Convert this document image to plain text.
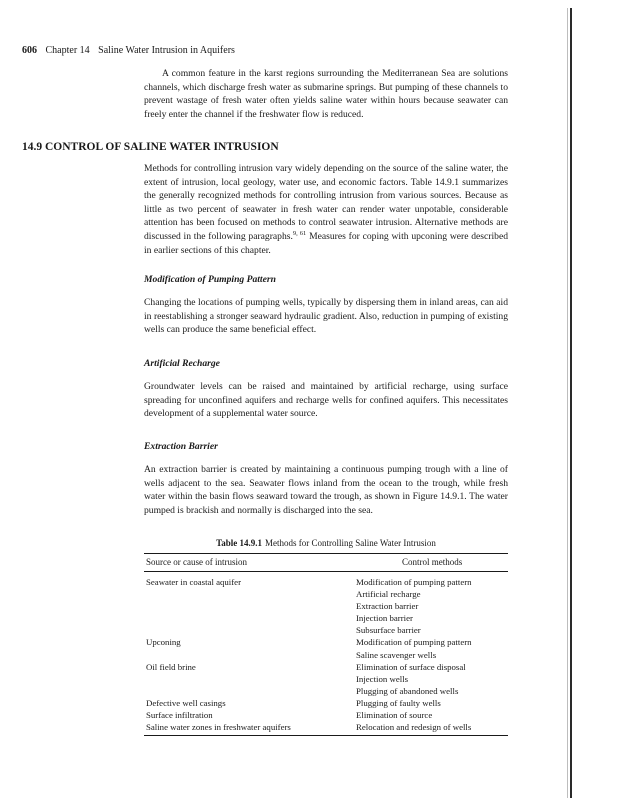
606 Chapter 14 Saline Water Intrusion in Aquifers

A common feature in the karst regions surrounding the Mediterranean Sea are solutions channels, which discharge fresh water as submarine springs. But pumping of these channels to prevent wastage of fresh water often yields saline water within hours because seawater can freely enter the channel if the freshwater flow is reduced.

14.9 CONTROL OF SALINE WATER INTRUSION

Methods for controlling intrusion vary widely depending on the source of the saline water, the extent of intrusion, local geology, water use, and economic factors. Table 14.9.1 summarizes the generally recognized methods for controlling intrusion from various sources. Because as little as two percent of seawater in fresh water can render water unpotable, considerable attention has been focused on methods to control seawater intrusion. Alternative methods are discussed in the following paragraphs.$^{9, 61}$ Measures for coping with upconing were described in earlier sections of this chapter.

Modification of Pumping Pattern

Changing the locations of pumping wells, typically by dispersing them in inland areas, can aid in reestablishing a stronger seaward hydraulic gradient. Also, reduction in pumping of existing wells can produce the same beneficial effect.

Artificial Recharge

Groundwater levels can be raised and maintained by artificial recharge, using surface spreading for unconfined aquifers and recharge wells for confined aquifers. This necessitates development of a supplemental water source.

Extraction Barrier

An extraction barrier is created by maintaining a continuous pumping trough with a line of wells adjacent to the sea. Seawater flows inland from the ocean to the trough, while fresh water within the basin flows seaward toward the trough, as shown in Figure 14.9.1. The water pumped is brackish and normally is discharged into the sea.

Table 14.9.1 Methods for Controlling Saline Water Intrusion
Source or cause of intrusion	Control methods
Seawater in coastal aquifer	Modification of pumping pattern
Artificial recharge
Extraction barrier
Injection barrier
Subsurface barrier
Upconing	Modification of pumping pattern
Saline scavenger wells
Oil field brine	Elimination of surface disposal
Injection wells
Plugging of abandoned wells
Defective well casings	Plugging of faulty wells
Surface infiltration	Elimination of source
Saline water zones in freshwater aquifers	Relocation and redesign of wells
